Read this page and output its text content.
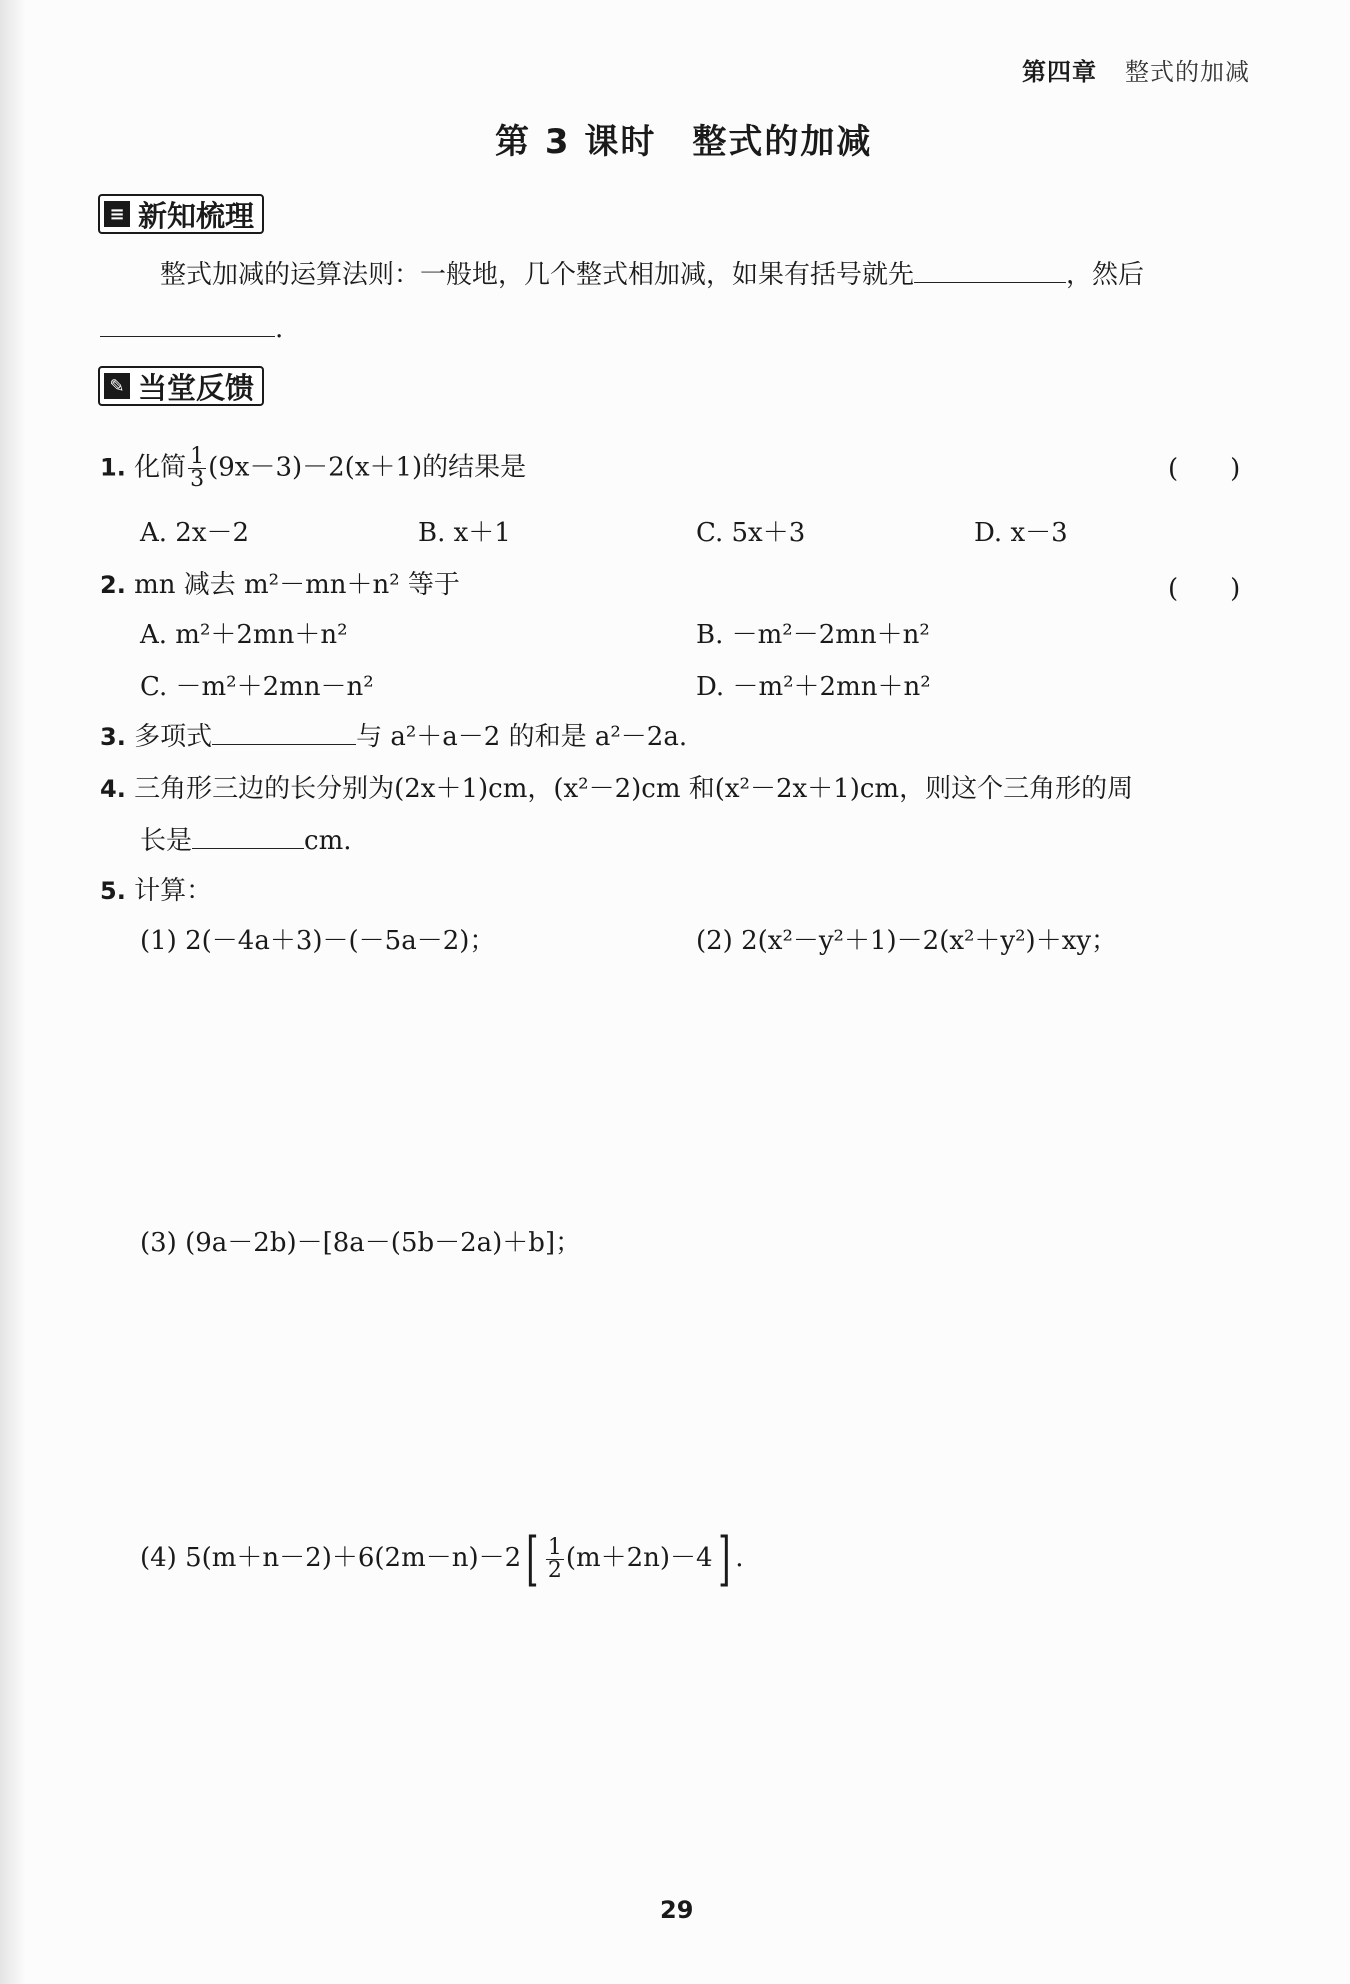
第四章 整式的加减
第 3 课时　整式的加减
≡ 新知梳理
整式加减的运算法则：一般地，几个整式相加减，如果有括号就先	，然后
.
✎ 当堂反馈
1. 化简 $\frac{1}{3} (9x-3)-2(x+1)$的结果是	(　　)
A. 2x－2	B. x＋1	C. 5x＋3	D. x－3
2. mn 减去 m²－mn＋n² 等于	(　　)
A. m²＋2mn＋n²	B. －m²－2mn＋n²
C. －m²＋2mn－n²	D. －m²＋2mn＋n²
3. 多项式	与 a²＋a－2 的和是 a²－2a.
4. 三角形三边的长分别为(2x＋1)cm，(x²－2)cm 和(x²－2x＋1)cm，则这个三角形的周
长是	cm.
5. 计算：
(1) 2(－4a＋3)－(－5a－2)；	(2) 2(x²－y²＋1)－2(x²＋y²)＋xy；
(3) (9a－2b)－[8a－(5b－2a)＋b]；
(4) $5(m+n-2)+6(2m-n)-2[ \frac{1}{2} (m+2n)-4]$ .
29
